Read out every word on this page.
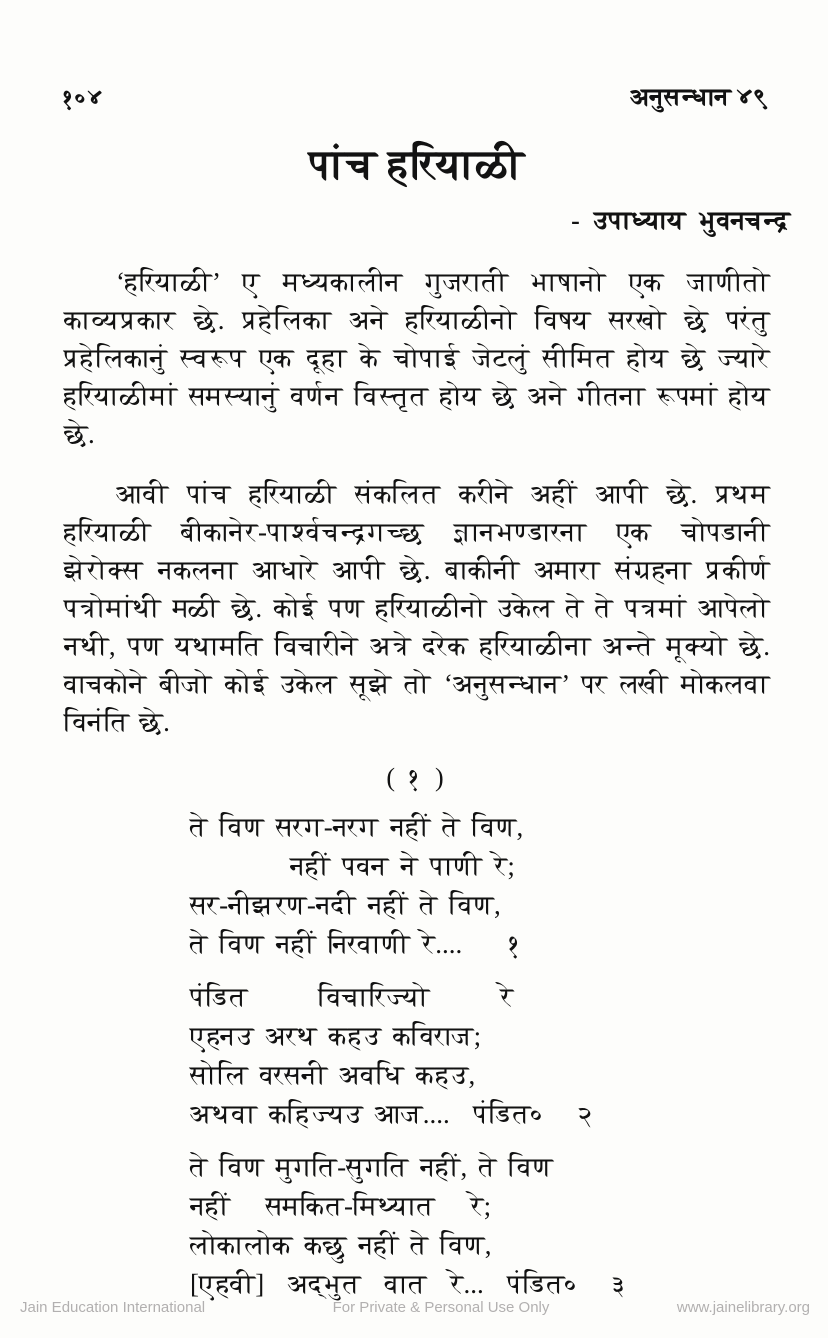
१०४	अनुसन्धान ४९
पांच हरियाळी
- उपाध्याय भुवनचन्द्र

‘हरियाळी’ ए मध्यकालीन गुजराती भाषानो एक जाणीतो काव्यप्रकार छे. प्रहेलिका अने हरियाळीनो विषय सरखो छे परंतु प्रहेलिकानुं स्वरूप एक दूहा के चोपाई जेटलुं सीमित होय छे ज्यारे हरियाळीमां समस्यानुं वर्णन विस्तृत होय छे अने गीतना रूपमां होय छे.

आवी पांच हरियाळी संकलित करीने अहीं आपी छे. प्रथम हरियाळी बीकानेर-पार्श्वचन्द्रगच्छ ज्ञानभण्डारना एक चोपडानी झेरोक्स नकलना आधारे आपी छे. बाकीनी अमारा संग्रहना प्रकीर्ण पत्रोमांथी मळी छे. कोई पण हरियाळीनो उकेल ते ते पत्रमां आपेलो नथी, पण यथामति विचारीने अत्रे दरेक हरियाळीना अन्ते मूक्यो छे. वाचकोने बीजो कोई उकेल सूझे तो ‘अनुसन्धान’ पर लखी मोकलवा विनंति छे.

( १ )
ते विण सरग-नरग नहीं ते विण,
नहीं पवन ने पाणी रे;
सर-नीझरण-नदी नहीं ते विण,
ते विण नहीं निरवाणी रे....    १
पंडित      विचारिज्यो      रे
एहनउ अरथ कहउ कविराज;
सोलि वरसनी अवधि कहउ,
अथवा कहिज्यउ आज....  पंडित०   २
ते विण मुगति-सुगति नहीं, ते विण
नहीं   समकित-मिथ्यात   रे;
लोकालोक कछु नहीं ते विण,
[एहवी]  अद्भुत  वात  रे...  पंडित०   ३
Jain Education International	For Private & Personal Use Only	www.jainelibrary.org
